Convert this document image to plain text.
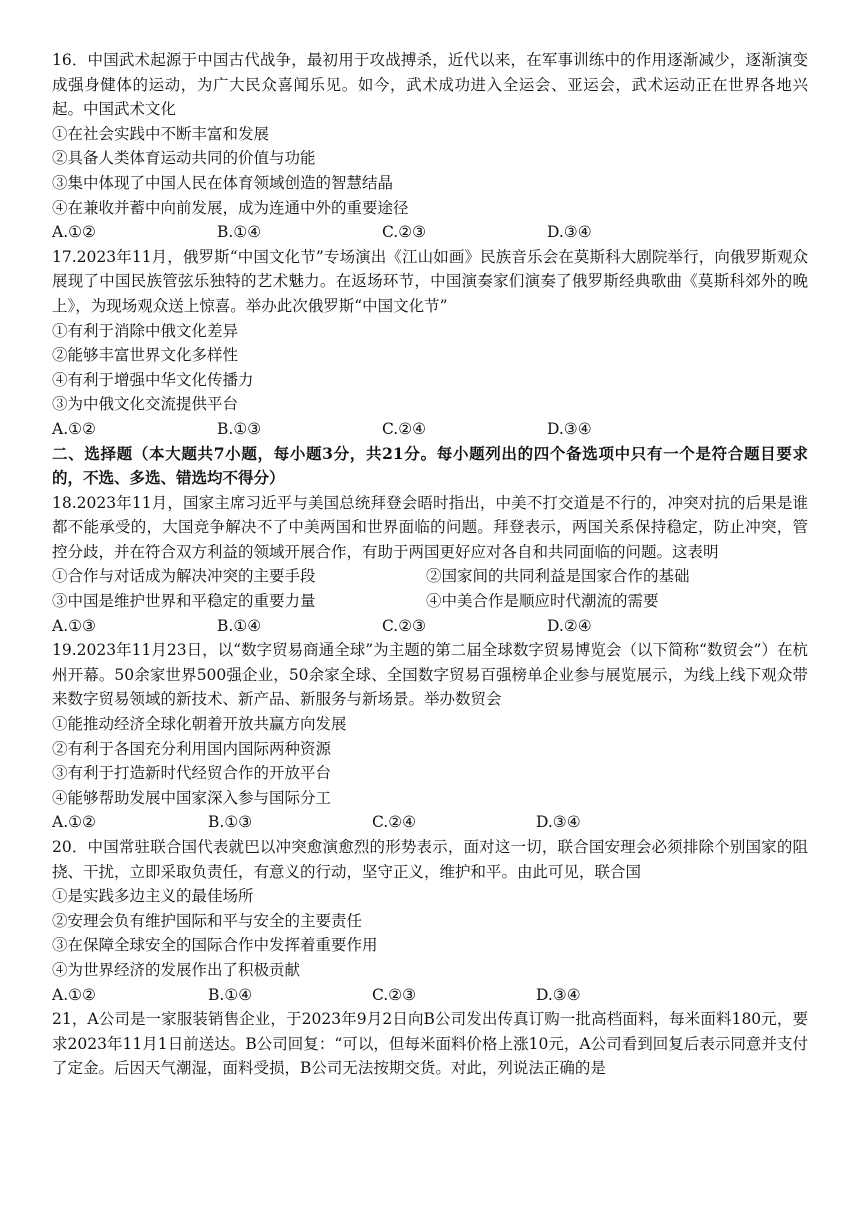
16．中国武术起源于中国古代战争，最初用于攻战搏杀，近代以来，在军事训练中的作用逐渐减少，逐渐演变成强身健体的运动，为广大民众喜闻乐见。如今，武术成功进入全运会、亚运会，武术运动正在世界各地兴起。中国武术文化
①在社会实践中不断丰富和发展
②具备人类体育运动共同的价值与功能
③集中体现了中国人民在体育领域创造的智慧结晶
④在兼收并蓄中向前发展，成为连通中外的重要途径
A.①②	B.①④	C.②③	D.③④
17.2023年11月，俄罗斯“中国文化节”专场演出《江山如画》民族音乐会在莫斯科大剧院举行，向俄罗斯观众展现了中国民族管弦乐独特的艺术魅力。在返场环节，中国演奏家们演奏了俄罗斯经典歌曲《莫斯科郊外的晚上》，为现场观众送上惊喜。举办此次俄罗斯“中国文化节”
①有利于消除中俄文化差异
②能够丰富世界文化多样性
④有利于增强中华文化传播力
③为中俄文化交流提供平台
A.①②	B.①③	C.②④	D.③④
二、选择题（本大题共7小题，每小题3分，共21分。每小题列出的四个备选项中只有一个是符合题目要求的，不选、多选、错选均不得分）
18.2023年11月，国家主席习近平与美国总统拜登会晤时指出，中美不打交道是不行的，冲突对抗的后果是谁都不能承受的，大国竞争解决不了中美两国和世界面临的问题。拜登表示，两国关系保持稳定，防止冲突，管控分歧，并在符合双方利益的领域开展合作，有助于两国更好应对各自和共同面临的问题。这表明
①合作与对话成为解决冲突的主要手段	②国家间的共同利益是国家合作的基础
③中国是维护世界和平稳定的重要力量	④中美合作是顺应时代潮流的需要
A.①③	B.①④	C.②③	D.②④
19.2023年11月23日，以“数字贸易商通全球”为主题的第二届全球数字贸易博览会（以下简称“数贸会”）在杭州开幕。50余家世界500强企业，50余家全球、全国数字贸易百强榜单企业参与展览展示，为线上线下观众带来数字贸易领域的新技术、新产品、新服务与新场景。举办数贸会
①能推动经济全球化朝着开放共赢方向发展
②有利于各国充分利用国内国际两种资源
③有利于打造新时代经贸合作的开放平台
④能够帮助发展中国家深入参与国际分工
A.①②	B.①③	C.②④	D.③④
20．中国常驻联合国代表就巴以冲突愈演愈烈的形势表示，面对这一切，联合国安理会必须排除个别国家的阻挠、干扰，立即采取负责任，有意义的行动，坚守正义，维护和平。由此可见，联合国
①是实践多边主义的最佳场所
②安理会负有维护国际和平与安全的主要责任
③在保障全球安全的国际合作中发挥着重要作用
④为世界经济的发展作出了积极贡献
A.①②	B.①④	C.②③	D.③④
21，A公司是一家服装销售企业，于2023年9月2日向B公司发出传真订购一批高档面料，每米面料180元，要求2023年11月1日前送达。B公司回复：“可以，但每米面料价格上涨10元，A公司看到回复后表示同意并支付了定金。后因天气潮湿，面料受损，B公司无法按期交货。对此，列说法正确的是
